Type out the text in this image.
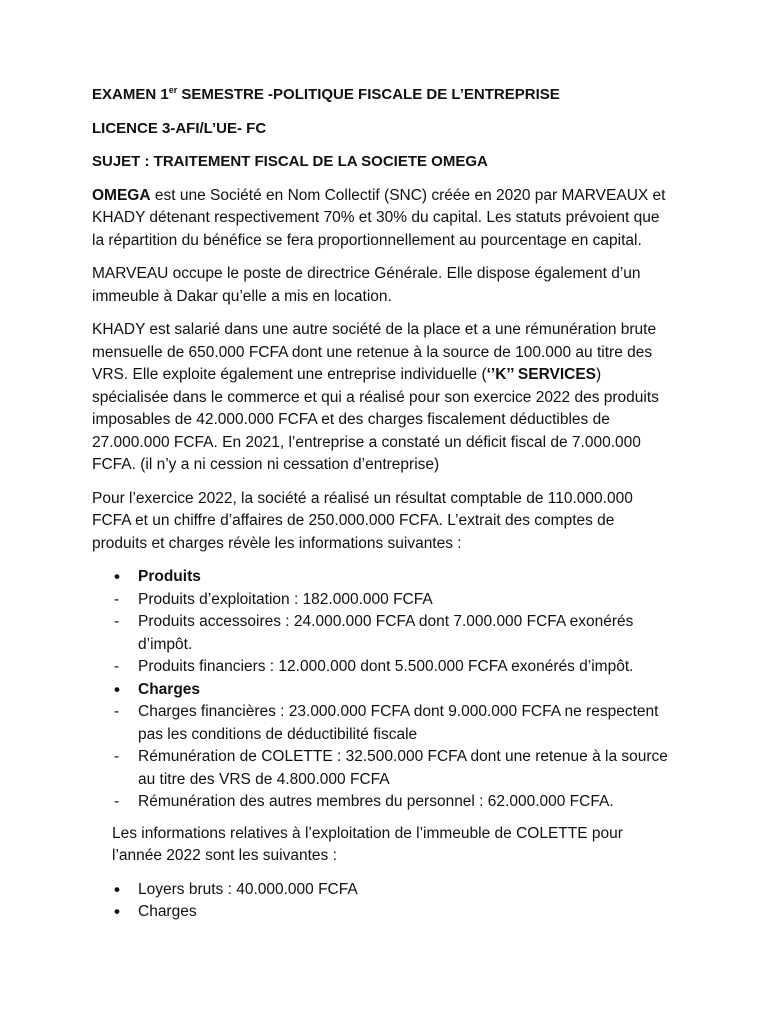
EXAMEN 1er SEMESTRE -POLITIQUE FISCALE DE L’ENTREPRISE
LICENCE 3-AFI/L’UE- FC
SUJET : TRAITEMENT FISCAL DE LA SOCIETE OMEGA

OMEGA est une Société en Nom Collectif (SNC) créée en 2020 par MARVEAUX et KHADY détenant respectivement 70% et 30% du capital. Les statuts prévoient que la répartition du bénéfice se fera proportionnellement au pourcentage en capital.

MARVEAU occupe le poste de directrice Générale. Elle dispose également d’un immeuble à Dakar qu’elle a mis en location.

KHADY est salarié dans une autre société de la place et a une rémunération brute mensuelle de 650.000 FCFA dont une retenue à la source de 100.000 au titre des VRS. Elle exploite également une entreprise individuelle (‘’K’’ SERVICES) spécialisée dans le commerce et qui a réalisé pour son exercice 2022 des produits imposables de 42.000.000 FCFA et des charges fiscalement déductibles de 27.000.000 FCFA. En 2021, l’entreprise a constaté un déficit fiscal de 7.000.000 FCFA. (il n’y a ni cession ni cessation d’entreprise)

Pour l’exercice 2022, la société a réalisé un résultat comptable de 110.000.000 FCFA et un chiffre d’affaires de 250.000.000 FCFA. L’extrait des comptes de produits et charges révèle les informations suivantes :

• Produits
- Produits d’exploitation : 182.000.000 FCFA
- Produits accessoires : 24.000.000 FCFA dont 7.000.000 FCFA exonérés d’impôt.
- Produits financiers : 12.000.000 dont 5.500.000 FCFA exonérés d’impôt.
• Charges
- Charges financières : 23.000.000 FCFA dont 9.000.000 FCFA ne respectent pas les conditions de déductibilité fiscale
- Rémunération de COLETTE : 32.500.000 FCFA dont une retenue à la source au titre des VRS de 4.800.000 FCFA
- Rémunération des autres membres du personnel : 62.000.000 FCFA.

Les informations relatives à l’exploitation de l’immeuble de COLETTE pour l’année 2022 sont les suivantes :

• Loyers bruts : 40.000.000 FCFA
• Charges
